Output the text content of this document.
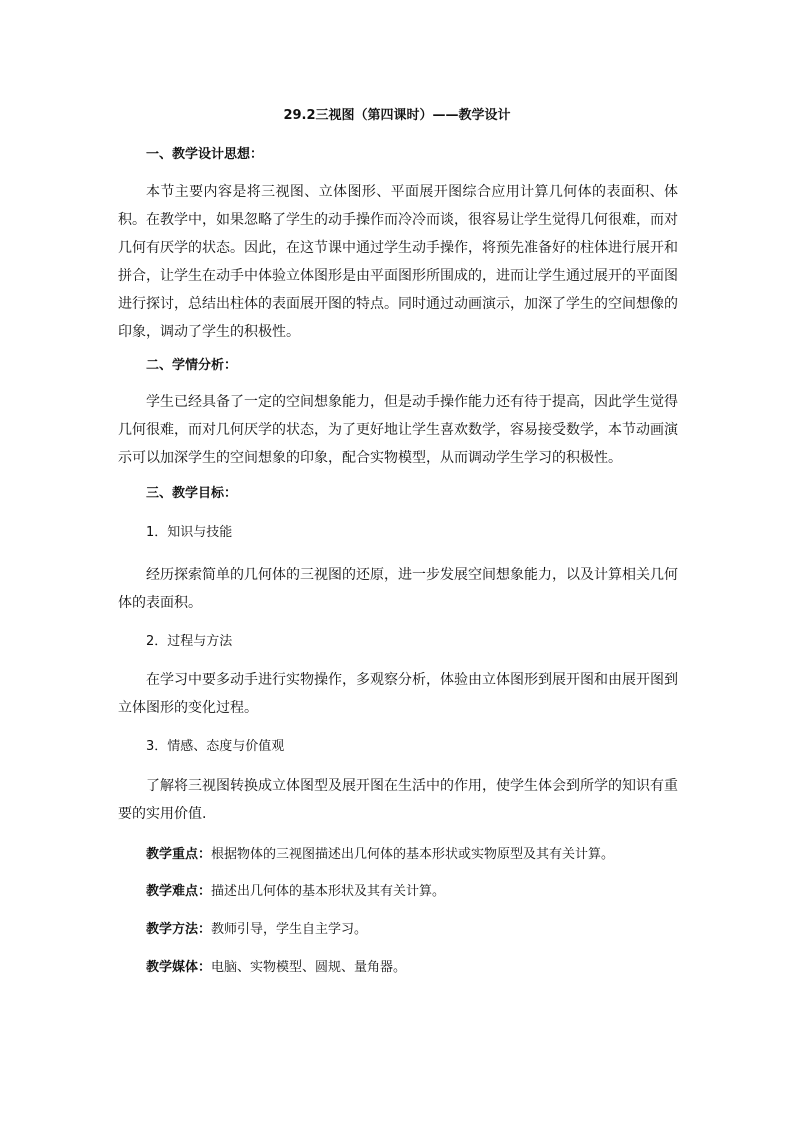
29.2三视图（第四课时）——教学设计
一、教学设计思想：

本节主要内容是将三视图、立体图形、平面展开图综合应用计算几何体的表面积、体积。在教学中，如果忽略了学生的动手操作而冷冷而谈，很容易让学生觉得几何很难，而对几何有厌学的状态。因此，在这节课中通过学生动手操作，将预先准备好的柱体进行展开和拼合，让学生在动手中体验立体图形是由平面图形所围成的，进而让学生通过展开的平面图进行探讨，总结出柱体的表面展开图的特点。同时通过动画演示，加深了学生的空间想像的印象，调动了学生的积极性。

二、学情分析：

学生已经具备了一定的空间想象能力，但是动手操作能力还有待于提高，因此学生觉得几何很难，而对几何厌学的状态，为了更好地让学生喜欢数学，容易接受数学，本节动画演示可以加深学生的空间想象的印象，配合实物模型，从而调动学生学习的积极性。

三、教学目标：
1．知识与技能

经历探索简单的几何体的三视图的还原，进一步发展空间想象能力，以及计算相关几何体的表面积。

2．过程与方法

在学习中要多动手进行实物操作，多观察分析，体验由立体图形到展开图和由展开图到立体图形的变化过程。

3．情感、态度与价值观

了解将三视图转换成立体图型及展开图在生活中的作用，使学生体会到所学的知识有重要的实用价值.

教学重点：根据物体的三视图描述出几何体的基本形状或实物原型及其有关计算。
教学难点：描述出几何体的基本形状及其有关计算。
教学方法：教师引导，学生自主学习。
教学媒体：电脑、实物模型、圆规、量角器。
